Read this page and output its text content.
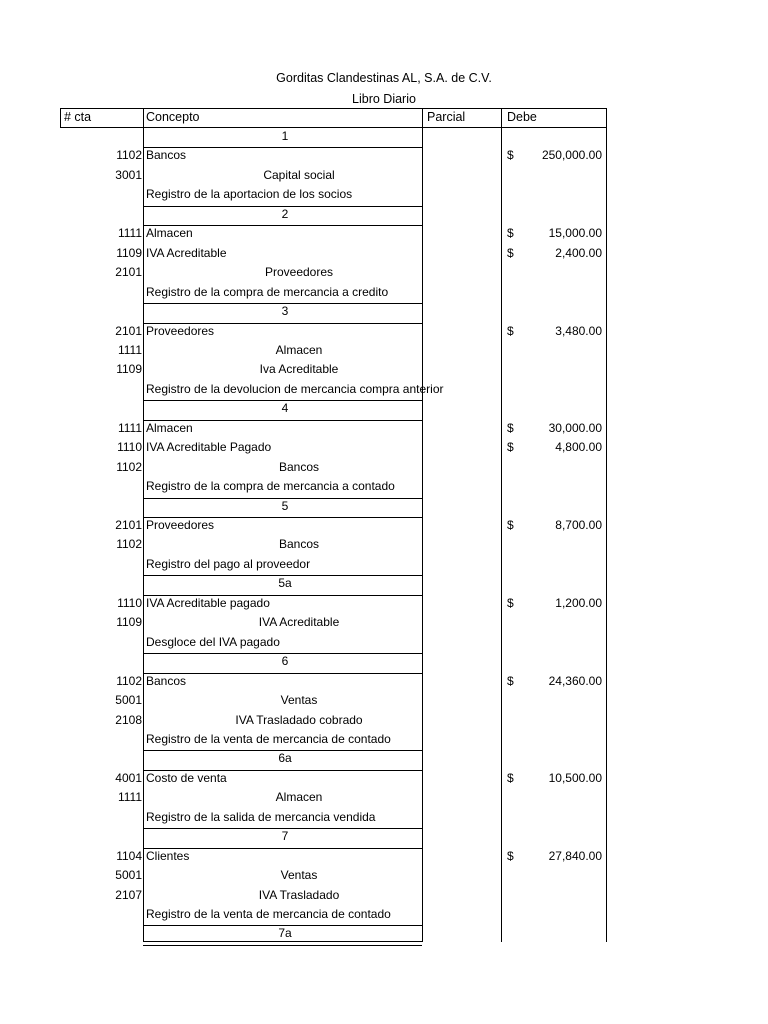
Gorditas Clandestinas AL, S.A. de C.V.
Libro Diario
# cta	Concepto	Parcial	Debe
1
1102 Bancos	$ 250,000.00
3001	Capital social
Registro de la aportacion de los socios
2
1111 Almacen	$	15,000.00
1109 IVA Acreditable	$	2,400.00
2101	Proveedores
Registro de la compra de mercancia a credito
3
2101 Proveedores	$	3,480.00
1111	Almacen
1109	Iva Acreditable
Registro de la devolucion de mercancia compra anterior
4
1111 Almacen	$	30,000.00
1110 IVA Acreditable Pagado	$	4,800.00
1102	Bancos
Registro de la compra de mercancia a contado
5
2101 Proveedores	$	8,700.00
1102	Bancos
Registro del pago al proveedor
5a
1110 IVA Acreditable pagado	$	1,200.00
1109	IVA Acreditable
Desgloce del IVA pagado
6
1102 Bancos	$	24,360.00
5001	Ventas
2108	IVA Trasladado cobrado
Registro de la venta de mercancia de contado
6a
4001 Costo de venta	$	10,500.00
1111	Almacen
Registro de la salida de mercancia vendida
7
1104 Clientes	$	27,840.00
5001	Ventas
2107	IVA Trasladado
Registro de la venta de mercancia de contado
7a
